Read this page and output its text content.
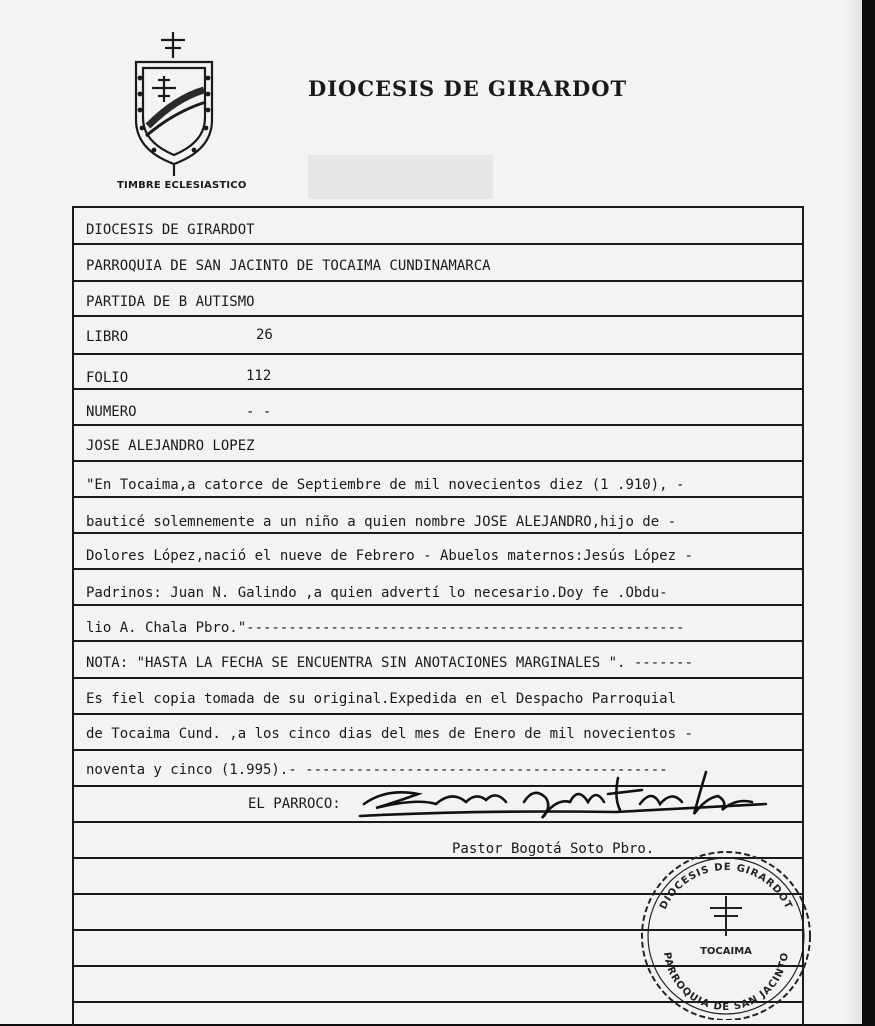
TIMBRE ECLESIASTICO
DIOCESIS DE GIRARDOT
DIOCESIS DE GIRARDOT
PARROQUIA DE SAN JACINTO DE TOCAIMA CUNDINAMARCA
PARTIDA DE B AUTISMO
LIBRO	26
FOLIO	112
NUMERO	- -
JOSE ALEJANDRO LOPEZ
"En Tocaima,a catorce de Septiembre de mil novecientos diez (1 .910), -
bauticé solemnemente a un niño a quien nombre JOSE ALEJANDRO,hijo de -
Dolores López,nació el nueve de Febrero - Abuelos maternos:Jesús López -
Padrinos: Juan N. Galindo ,a quien advertí lo necesario.Doy fe .Obdu-
lio A. Chala Pbro."----------------------------------------------------
NOTA: "HASTA LA FECHA SE ENCUENTRA SIN ANOTACIONES MARGINALES ". -------
Es fiel copia tomada de su original.Expedida en el Despacho Parroquial
de Tocaima Cund. ,a los cinco dias del mes de Enero de mil novecientos -
noventa y cinco (1.995).- -------------------------------------------
EL PARROCO:
Pastor Bogotá Soto Pbro.
DIOCESIS DE GIRARDOT
PARROQUIA DE SAN JACINTO
TOCAIMA
